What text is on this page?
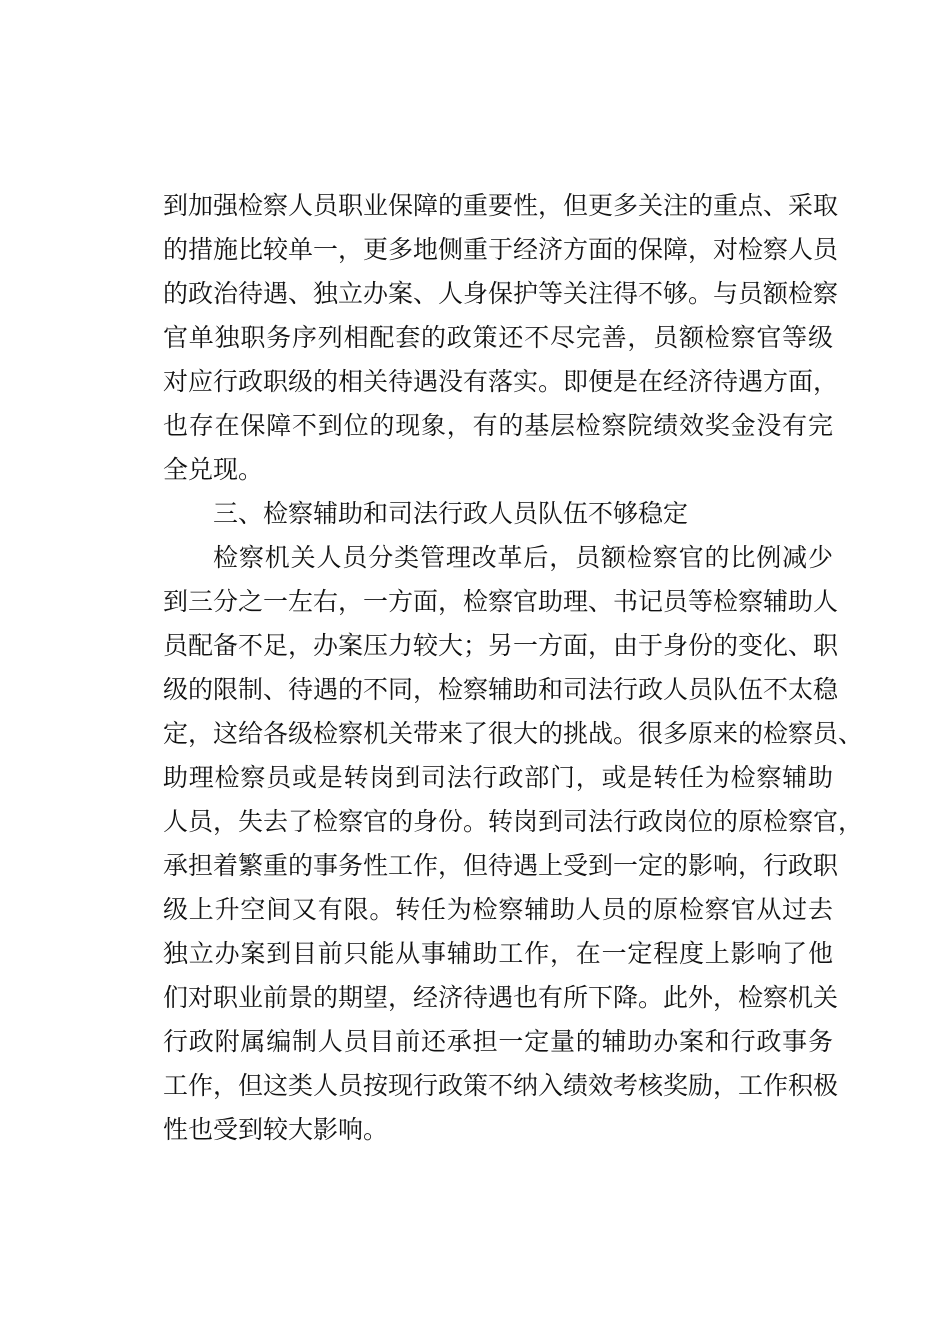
到加强检察人员职业保障的重要性，但更多关注的重点、采取
的措施比较单一，更多地侧重于经济方面的保障，对检察人员
的政治待遇、独立办案、人身保护等关注得不够。与员额检察
官单独职务序列相配套的政策还不尽完善，员额检察官等级
对应行政职级的相关待遇没有落实。即便是在经济待遇方面，
也存在保障不到位的现象，有的基层检察院绩效奖金没有完
全兑现。
三、检察辅助和司法行政人员队伍不够稳定
检察机关人员分类管理改革后，员额检察官的比例减少
到三分之一左右，一方面，检察官助理、书记员等检察辅助人
员配备不足，办案压力较大；另一方面，由于身份的变化、职
级的限制、待遇的不同，检察辅助和司法行政人员队伍不太稳
定，这给各级检察机关带来了很大的挑战。很多原来的检察员、
助理检察员或是转岗到司法行政部门，或是转任为检察辅助
人员，失去了检察官的身份。转岗到司法行政岗位的原检察官，
承担着繁重的事务性工作，但待遇上受到一定的影响，行政职
级上升空间又有限。转任为检察辅助人员的原检察官从过去
独立办案到目前只能从事辅助工作，在一定程度上影响了他
们对职业前景的期望，经济待遇也有所下降。此外，检察机关
行政附属编制人员目前还承担一定量的辅助办案和行政事务
工作，但这类人员按现行政策不纳入绩效考核奖励，工作积极
性也受到较大影响。
